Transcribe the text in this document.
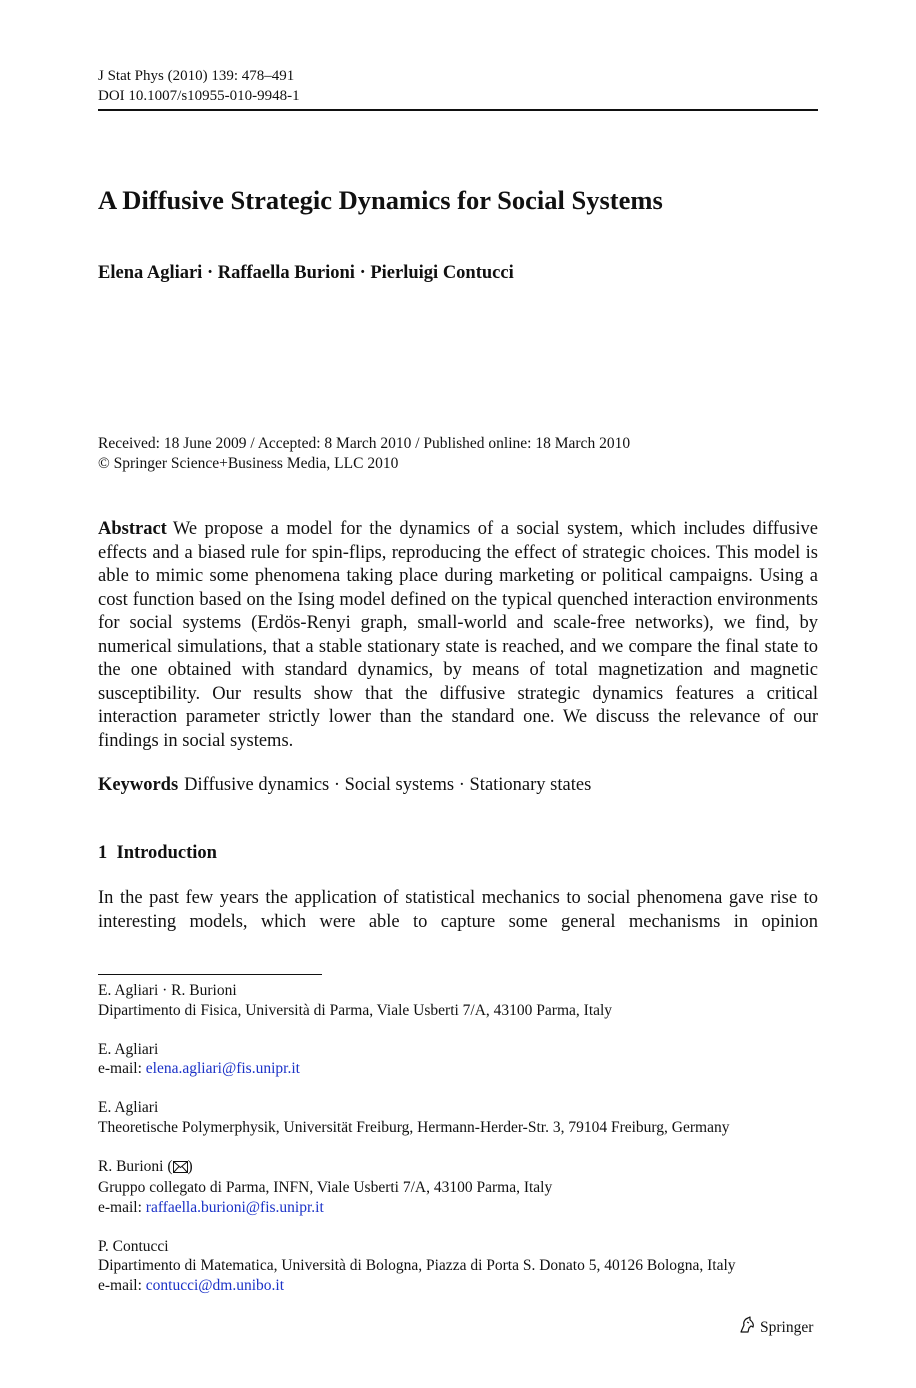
J Stat Phys (2010) 139: 478–491
DOI 10.1007/s10955-010-9948-1
A Diffusive Strategic Dynamics for Social Systems
Elena Agliari · Raffaella Burioni · Pierluigi Contucci
Received: 18 June 2009 / Accepted: 8 March 2010 / Published online: 18 March 2010
© Springer Science+Business Media, LLC 2010
Abstract We propose a model for the dynamics of a social system, which includes diffusive effects and a biased rule for spin-flips, reproducing the effect of strategic choices. This model is able to mimic some phenomena taking place during marketing or political campaigns. Using a cost function based on the Ising model defined on the typical quenched interaction environments for social systems (Erdös-Renyi graph, small-world and scale-free networks), we find, by numerical simulations, that a stable stationary state is reached, and we compare the final state to the one obtained with standard dynamics, by means of total magnetization and magnetic susceptibility. Our results show that the diffusive strategic dynamics features a critical interaction parameter strictly lower than the standard one. We discuss the relevance of our findings in social systems.
Keywords Diffusive dynamics · Social systems · Stationary states
1 Introduction
In the past few years the application of statistical mechanics to social phenomena gave rise to interesting models, which were able to capture some general mechanisms in opinion
E. Agliari · R. Burioni
Dipartimento di Fisica, Università di Parma, Viale Usberti 7/A, 43100 Parma, Italy
E. Agliari
e-mail: elena.agliari@fis.unipr.it
E. Agliari
Theoretische Polymerphysik, Universität Freiburg, Hermann-Herder-Str. 3, 79104 Freiburg, Germany
R. Burioni ( )
Gruppo collegato di Parma, INFN, Viale Usberti 7/A, 43100 Parma, Italy
e-mail: raffaella.burioni@fis.unipr.it
P. Contucci
Dipartimento di Matematica, Università di Bologna, Piazza di Porta S. Donato 5, 40126 Bologna, Italy
e-mail: contucci@dm.unibo.it
Springer
